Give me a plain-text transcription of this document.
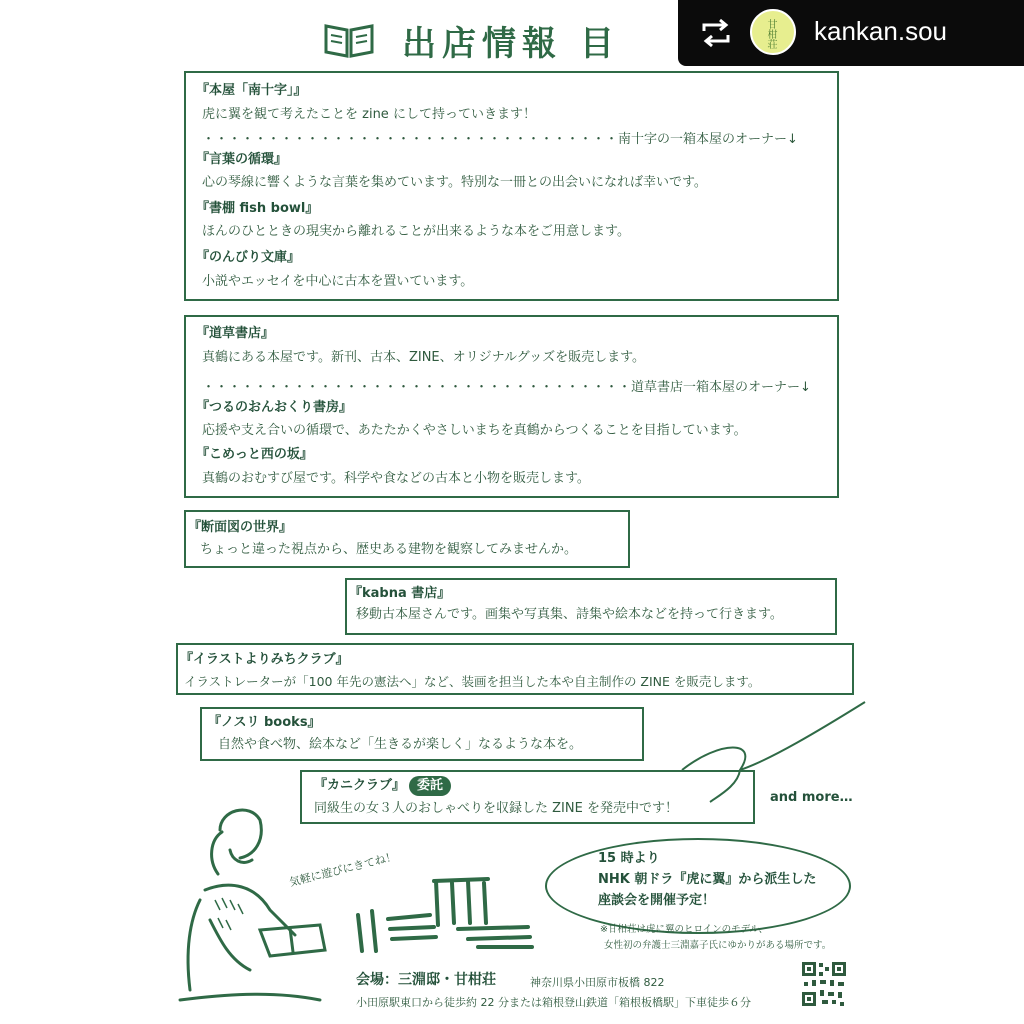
出店情報 目	甘柑荘 kankan.sou
『本屋「南十字」』
虎に翼を観て考えたことを zine にして持っていきます！
・・・・・・・・・・・・・・・・・・・・・・・・・・・・・・・・南十字の一箱本屋のオーナー↓
『言葉の循環』
心の琴線に響くような言葉を集めています。特別な一冊との出会いになれば幸いです。
『書棚 fish bowl』
ほんのひとときの現実から離れることが出来るような本をご用意します。
『のんびり文庫』
小説やエッセイを中心に古本を置いています。
『道草書店』
真鶴にある本屋です。新刊、古本、ZINE、オリジナルグッズを販売します。
・・・・・・・・・・・・・・・・・・・・・・・・・・・・・・・・・道草書店一箱本屋のオーナー↓
『つるのおんおくり書房』
応援や支え合いの循環で、あたたかくやさしいまちを真鶴からつくることを目指しています。
『こめっと西の坂』
真鶴のおむすび屋です。科学や食などの古本と小物を販売します。
『断面図の世界』
ちょっと違った視点から、歴史ある建物を観察してみませんか。
『kabna 書店』
移動古本屋さんです。画集や写真集、詩集や絵本などを持って行きます。
『イラストよりみちクラブ』
イラストレーターが「100 年先の憲法へ」など、装画を担当した本や自主制作の ZINE を販売します。
『ノスリ books』
自然や食べ物、絵本など「生きるが楽しく」なるような本を。
『カニクラブ』 委託
同級生の女３人のおしゃべりを収録した ZINE を発売中です！
and more…
気軽に遊びにきてね！	15 時より
NHK 朝ドラ『虎に翼』から派生した
座談会を開催予定！
※甘柑荘は虎に翼のヒロインのモデル、
女性初の弁護士三淵嘉子氏にゆかりがある場所です。
会場：三淵邸・甘柑荘	神奈川県小田原市板橋 822
小田原駅東口から徒歩約 22 分または箱根登山鉄道「箱根板橋駅」下車徒歩６分
